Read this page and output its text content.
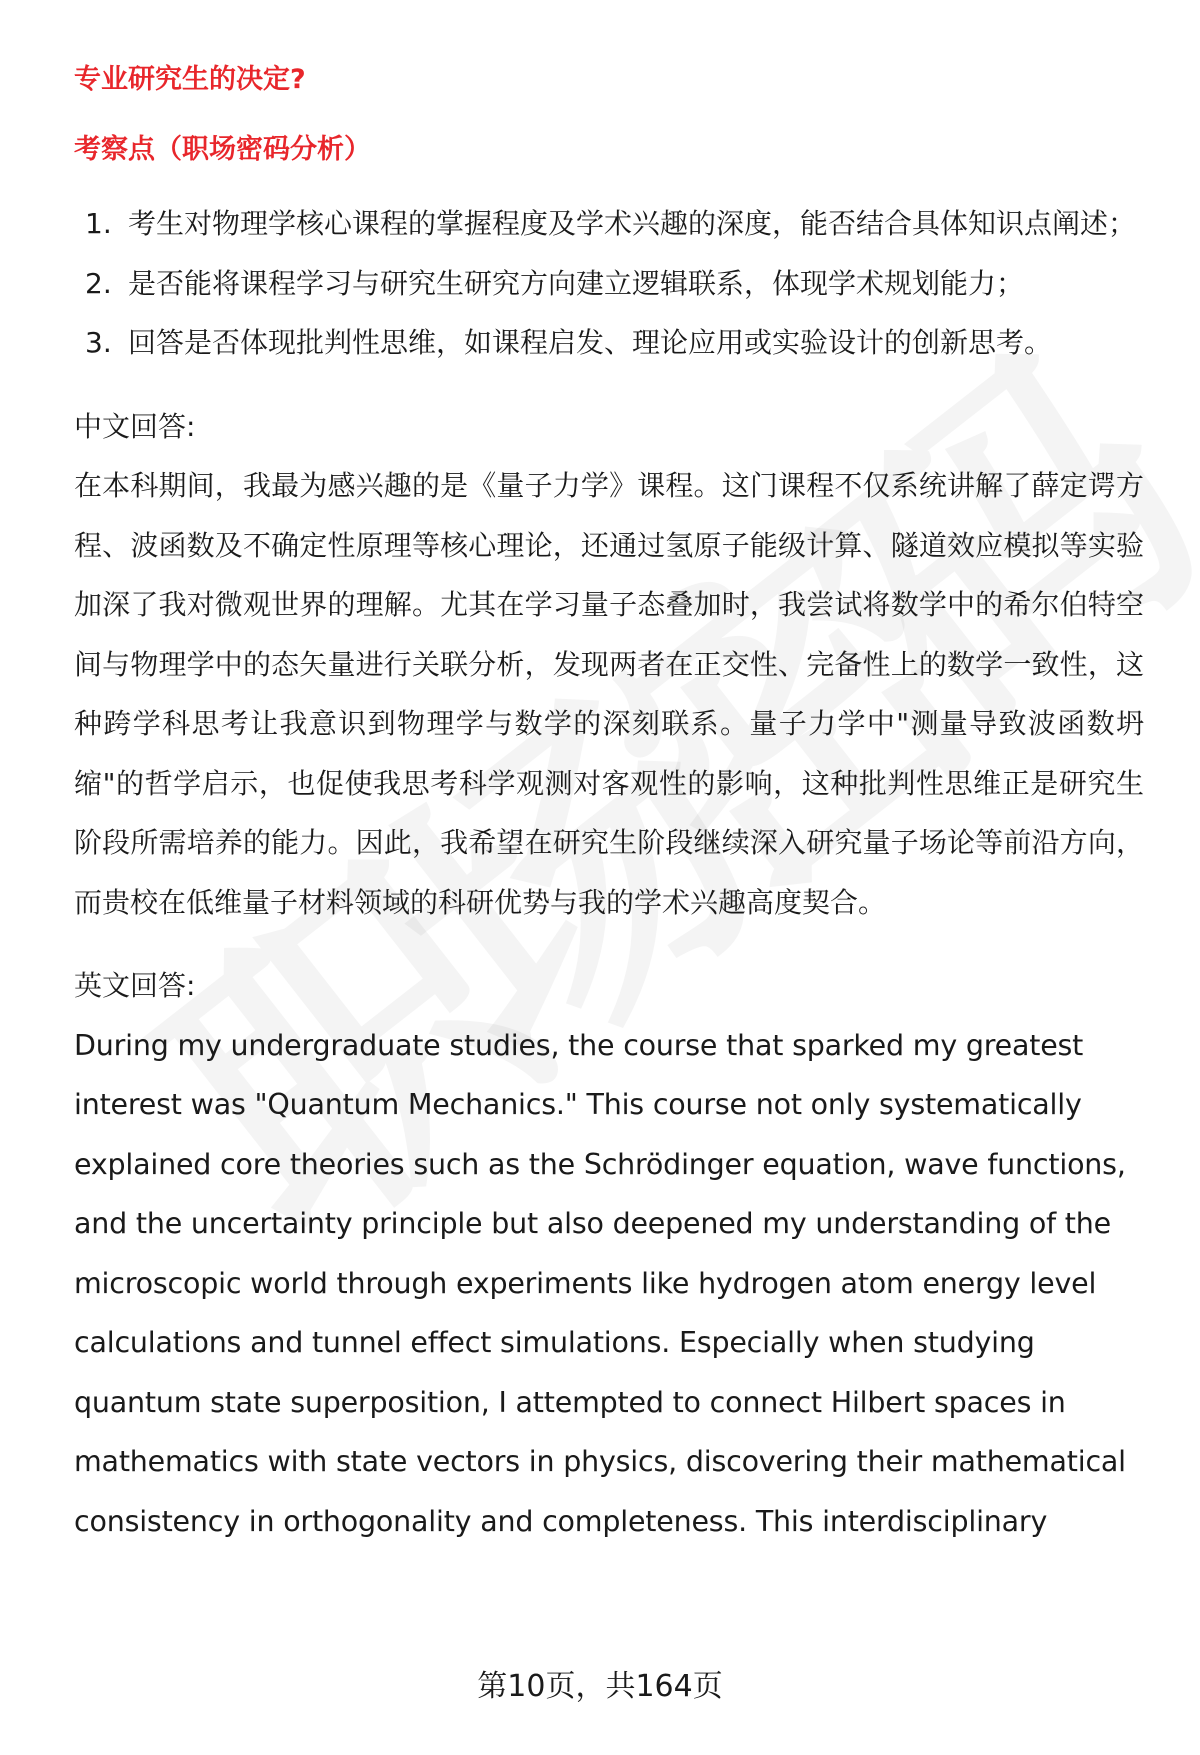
专业研究生的决定?

考察点（职场密码分析）

1. 考生对物理学核心课程的掌握程度及学术兴趣的深度，能否结合具体知识点阐述；
2. 是否能将课程学习与研究生研究方向建立逻辑联系，体现学术规划能力；
3. 回答是否体现批判性思维，如课程启发、理论应用或实验设计的创新思考。

中文回答:

在本科期间，我最为感兴趣的是《量子力学》课程。这门课程不仅系统讲解了薛定谔方程、波函数及不确定性原理等核心理论，还通过氢原子能级计算、隧道效应模拟等实验加深了我对微观世界的理解。尤其在学习量子态叠加时，我尝试将数学中的希尔伯特空间与物理学中的态矢量进行关联分析，发现两者在正交性、完备性上的数学一致性，这种跨学科思考让我意识到物理学与数学的深刻联系。量子力学中"测量导致波函数坍缩"的哲学启示，也促使我思考科学观测对客观性的影响，这种批判性思维正是研究生阶段所需培养的能力。因此，我希望在研究生阶段继续深入研究量子场论等前沿方向，而贵校在低维量子材料领域的科研优势与我的学术兴趣高度契合。

英文回答:

During my undergraduate studies, the course that sparked my greatest interest was "Quantum Mechanics." This course not only systematically explained core theories such as the Schrödinger equation, wave functions, and the uncertainty principle but also deepened my understanding of the microscopic world through experiments like hydrogen atom energy level calculations and tunnel effect simulations. Especially when studying quantum state superposition, I attempted to connect Hilbert spaces in mathematics with state vectors in physics, discovering their mathematical consistency in orthogonality and completeness. This interdisciplinary

第10页，共164页
